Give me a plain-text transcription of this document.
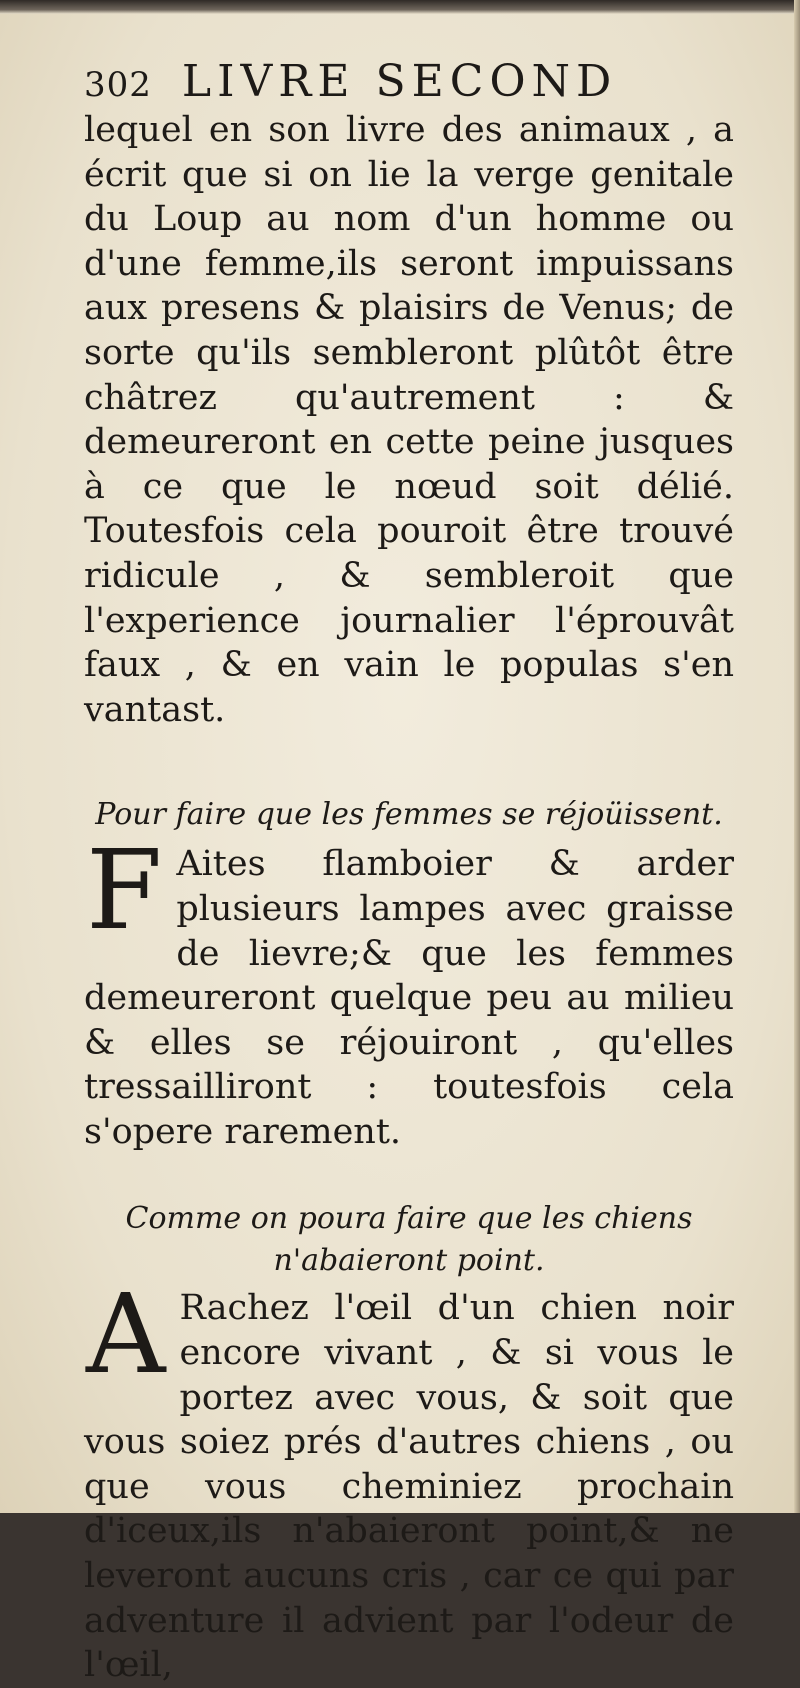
302 LIVRE SECOND

lequel en son livre des animaux , a écrit que si on lie la verge genitale du Loup au nom d'un homme ou d'une femme,ils seront impuissans aux presens & plaisirs de Venus; de sorte qu'ils sembleront plûtôt être châtrez qu'autrement : & demeureront en cette peine jusques à ce que le nœud soit délié. Toutesfois cela pouroit être trouvé ridicule , & sembleroit que l'experience journalier l'éprouvât faux , & en vain le populas s'en vantast.

Pour faire que les femmes se réjoüissent.

F Aites flamboier & arder plusieurs lampes avec graisse de lievre;& que les femmes demeureront quelque peu au milieu & elles se réjouiront , qu'elles tressailliront : toutesfois cela s'opere rarement.

Comme on poura faire que les chiens n'abaieront point.

A Rachez l'œil d'un chien noir encore vivant , & si vous le portez avec vous, & soit que vous soiez prés d'autres chiens , ou que vous cheminiez prochain d'iceux,ils n'abaieront point,& ne leveront aucuns cris , car ce qui par adventure il advient par l'odeur de l'œil,
